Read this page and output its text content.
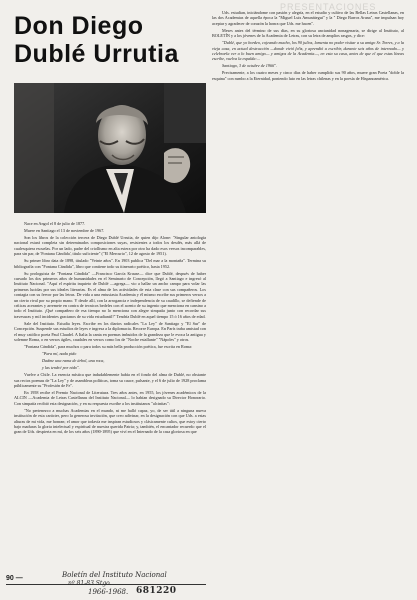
PRESENTACIONES
Don Diego
Dublé Urrutia

Nace en Angol el 8 de julio de 1877.

Muere en Santiago el 13 de noviembre de 1967.

Son los libros de la colección tercera de Diego Dublé Urrutia, de quien dijo Alone: "Singular antología nacional estará completa sin determinados composiciones suyas, resistentes a todos los desdés, más allá de cualesquiera escuelas. Por un lado, padre del criollismo en alta estera por otro ha dado esos versos incomparables, para sin par, de 'Fontana Cándida', titulo suficiente" ("El Mercurio", 12 de agosto de 1951).

Su primer libro data de 1898, titulado "Veinte años". En 1903 publica "Del mar a la montaña". Termina su bibliografía con "Fontana Cándida", libro que contiene todo su itinerario poético, hasta 1952.

Su prologuista de "Fontana Cándida" —Francisco García Krause— dice que Dublé, después de haber cursado los dos primeros años de humanidades en el Seminario de Concepción, llegó a Santiago e ingresó al Instituto Nacional. "Aquí el espíritu inquieto de Dublé —agrega— vio a hallar un ancho campo para volar las primeras lucidas por sus ideales literarias. Es el alma de los actividades de esta clase con sus compañeros. Los contagia con su fervor por las letras. De vida a una entusiasta Academia y él mismo escribe sus primeros versos a un cierto rival por su propio mano. Y desde allí, con la arrogancia e independencia de su caudillo, se defiende de críticas acerantes y arremete en contra de tecnicos bedeles con el acento de su ingenio que menciona en cansino a todo el Instituto. ¡Qué compañero de esa tiempo no lo menciona con alegre simpatía junto con recordar sus travesuras y mil incidentes gracianos de su vida estudiantil!" Tendría Dublé en aquel tiempo 15 ó 16 años de edad.

Sale del Instituto. Estudia leyes. Escribe en los diarios radicales "La Ley" de Santiago y "El Sur" de Concepción. Suspende sus estudios de leyes e ingresa a la diplomacia. Recorre Europa. En París traba amistad con el muy católico poeta Paul Claudel. A Italia la canta en poemas imbuidos de la grandeza que le evoca la antigua y solemne Roma, o en versos ágiles, caudales en versos como los de "Noche estallante" "Nápoles" y otros.

"Fontana Cándida", para muchos o para todos su más bella producción poética, fue escrita en Roma:

"Para mí, nada pido

Dadme una rama de árbol, una roca,

y las tendré por nido".

Vuelve a Chile. La esencia mística que indudablemente había en el fondo del alma de Dublé, no obstante sus recios poemas de "La Ley" y de asambleas políticas, toma su cauce, pulsante, y el 6 de julio de 1928 proclama públicamente su "Profesión de Fe".

En 1958 recibe el Premio Nacional de Literatura. Tres años antes, en 1955, los jóvenes académicos de la ALCIN —Academia de Letras Castellanas del Instituto Nacional— lo habían designado su Director Honorario. Con simpatía recibió esta designación, y en su respuesta escribe a los institutanos "alcinitas":

"No pertenezco a muchas Academias en el mundo, ni me halló capaz, yo, de ser útil a ninguna nueva institución de esta carácter, pero la generosa invitación, que creo adivinar, en la designación con que Uds. a estas alturas de mi vida, me honran; el amor que todavía me inspiran estudiosos y clásicamente cultos, que estoy cierto bajo maduras la gloria intelectual y espiritual de nuestra querida Patria; y, también, el encantador recuerdo que el gran de Uds. despierta en mí, de los seis años (1890-1895) que viví en el Internado de la casa gloriosa en que

Uds. estudian, iniciándome con pasión y alegría, en el estudio y cultivo de las Bellas Letras Castellanas, en las dos Academias de aquella época la "Miguel Luis Amunátegui" y la " Diego Barros Arana", me impulsan hoy aceptar y agradecer de corazón la honra que Uds. me hacen".

Meses antes del término de sus días, en su gloriosa ancianidad nonagenaria, se dirige al Instituto, al BOLETÍN y a los jóvenes de la Academia de Letras, con su letra de amplios rasgos, y dice:

"Dublé, que yo bordeo, cojeando mucho, los 90 julios, lamenta no poder visitar a su amigo Sr. Torres, y a la vieja casa, en actual destrucción —donde vivió feliz, y aprendió a escribir, durante seis años de internado— y celebrarla ver a lo buen amigo— y amigos de la Academia—, en esta su casa, antes de que el que estas líneas escribe, vuelva la espalda:...

Santiago, 3 de octubre de 1966".

Precisamente, a los cuatro meses y cinco días de haber cumplido sus 90 años, muere gran Poeta "doble la esquina" con rumbo a la Eternidad, poniendo luto en las letras chilenas y en la poesía de Hispanoamérica.

90 —	Boletín del Instituto Nacional
nº 81-83 Stgo.
1966-1968. 681220
